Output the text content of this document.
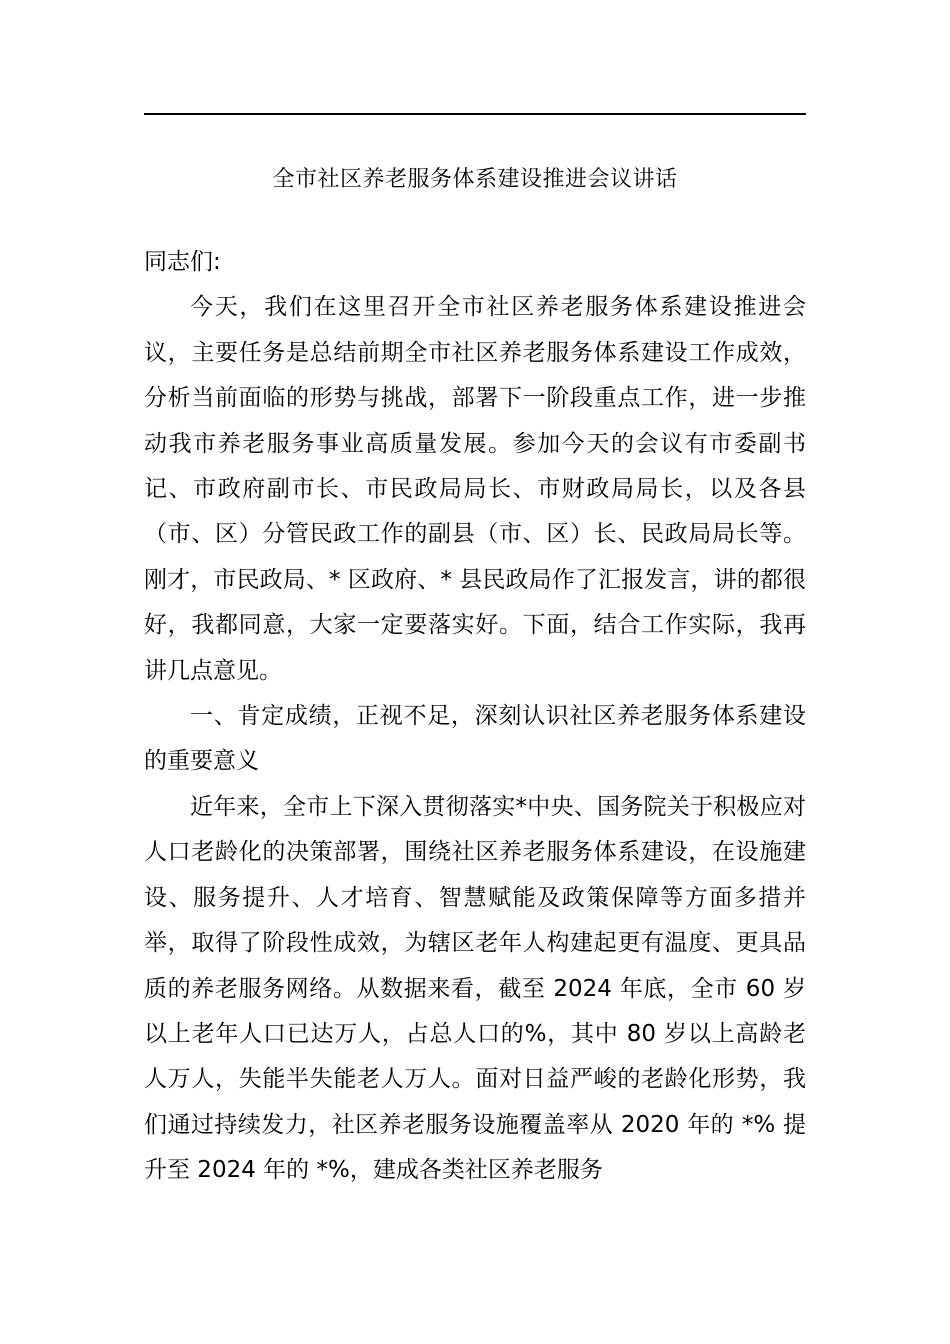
全市社区养老服务体系建设推进会议讲话

同志们:

今天，我们在这里召开全市社区养老服务体系建设推进会议，主要任务是总结前期全市社区养老服务体系建设工作成效，分析当前面临的形势与挑战，部署下一阶段重点工作，进一步推动我市养老服务事业高质量发展。参加今天的会议有市委副书记、市政府副市长、市民政局局长、市财政局局长，以及各县（市、区）分管民政工作的副县（市、区）长、民政局局长等。刚才，市民政局、* 区政府、* 县民政局作了汇报发言，讲的都很好，我都同意，大家一定要落实好。下面，结合工作实际，我再讲几点意见。

一、肯定成绩，正视不足，深刻认识社区养老服务体系建设的重要意义

近年来，全市上下深入贯彻落实*中央、国务院关于积极应对人口老龄化的决策部署，围绕社区养老服务体系建设，在设施建设、服务提升、人才培育、智慧赋能及政策保障等方面多措并举，取得了阶段性成效，为辖区老年人构建起更有温度、更具品质的养老服务网络。从数据来看，截至 2024 年底，全市 60 岁以上老年人口已达万人，占总人口的%，其中 80 岁以上高龄老人万人，失能半失能老人万人。面对日益严峻的老龄化形势，我们通过持续发力，社区养老服务设施覆盖率从 2020 年的 *% 提升至 2024 年的 *%，建成各类社区养老服务
